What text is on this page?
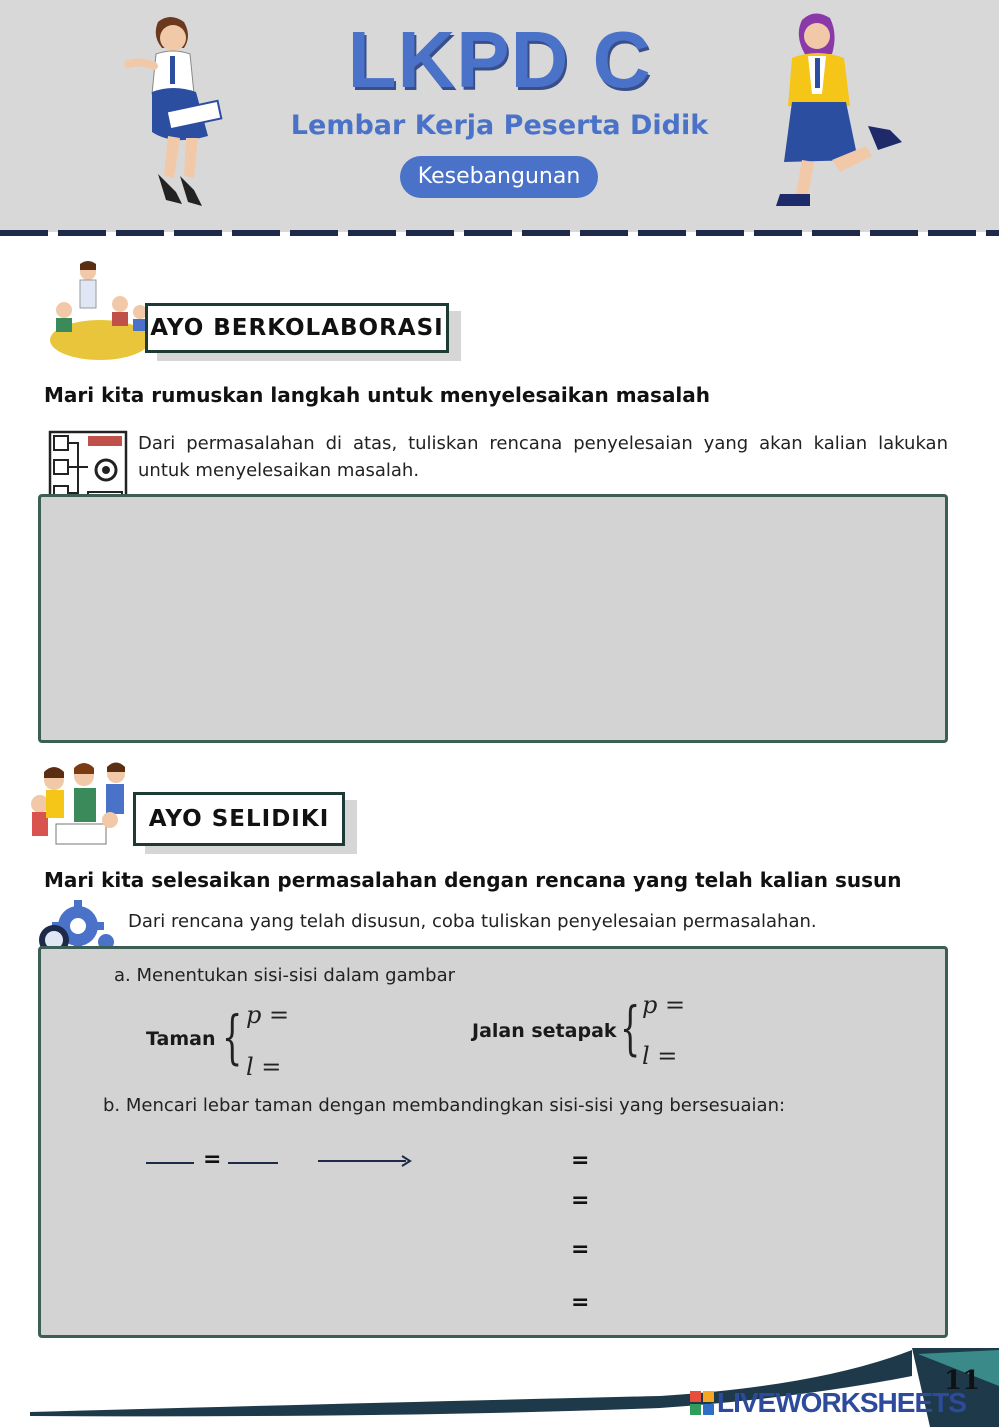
LKPD C
Lembar Kerja Peserta Didik
Kesebangunan
AYO BERKOLABORASI
Mari kita rumuskan langkah untuk menyelesaikan masalah
Dari permasalahan di atas, tuliskan rencana penyelesaian yang akan kalian lakukan untuk menyelesaikan masalah.
AYO SELIDIKI
Mari kita selesaikan permasalahan dengan rencana yang telah kalian susun
Dari rencana yang telah disusun, coba tuliskan penyelesaian permasalahan.
a. Menentukan sisi-sisi dalam gambar
Taman { p =
l =
Jalan setapak { p =
l =
b. Mencari lebar taman dengan membandingkan sisi-sisi yang bersesuaian:
=	=
=
=
=
11
LIVEWORKSHEETS
